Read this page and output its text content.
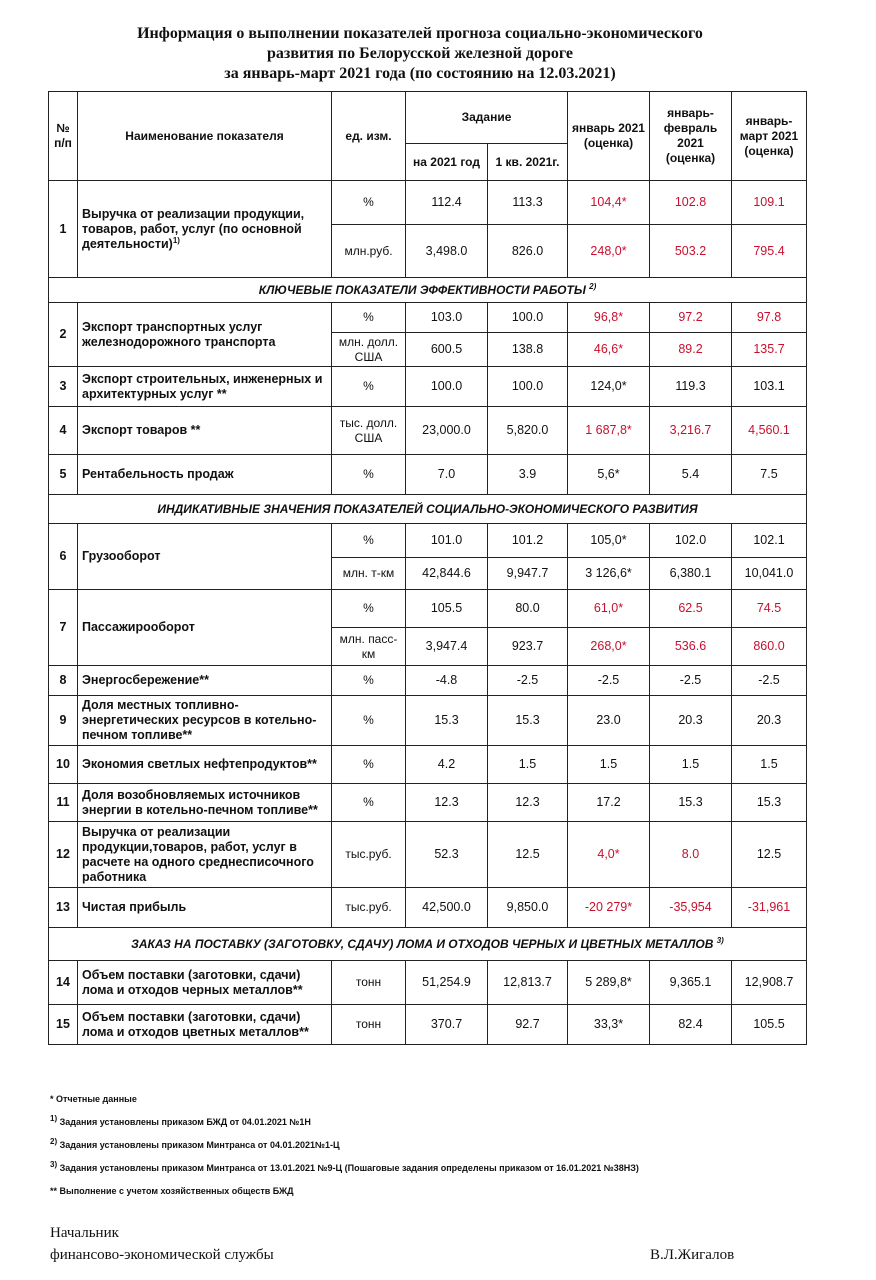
Информация о выполнении показателей прогноза социально-экономического
развития по Белорусской железной дороге
за январь-март 2021 года (по состоянию на 12.03.2021)
№ п/п	Наименование показателя	ед. изм.	Задание		январь 2021 (оценка)	январь- февраль 2021 (оценка)	январь- март 2021 (оценка)
			на 2021 год	1 кв. 2021г.			
1	Выручка от реализации продукции, товаров, работ, услуг (по основной деятельности)$^{1)}$	%	112.4	113.3	104,4*	102.8	109.1
		млн.руб.	3,498.0	826.0	248,0*	503.2	795.4
КЛЮЧЕВЫЕ ПОКАЗАТЕЛИ ЭФФЕКТИВНОСТИ РАБОТЫ $^{2)}$
2	Экспорт транспортных услуг железнодорожного транспорта	%	103.0	100.0	96,8*	97.2	97.8
		млн. долл. США	600.5	138.8	46,6*	89.2	135.7
3	Экспорт строительных, инженерных и архитектурных услуг **	%	100.0	100.0	124,0*	119.3	103.1
4	Экспорт товаров **	тыс. долл. США	23,000.0	5,820.0	1 687,8*	3,216.7	4,560.1
5	Рентабельность продаж	%	7.0	3.9	5,6*	5.4	7.5
ИНДИКАТИВНЫЕ ЗНАЧЕНИЯ ПОКАЗАТЕЛЕЙ СОЦИАЛЬНО-ЭКОНОМИЧЕСКОГО РАЗВИТИЯ							
6	Грузооборот	%	101.0	101.2	105,0*	102.0	102.1
		млн. т-км	42,844.6	9,947.7	3 126,6*	6,380.1	10,041.0
7	Пассажирооборот	%	105.5	80.0	61,0*	62.5	74.5
		млн. пасс-км	3,947.4	923.7	268,0*	536.6	860.0
8	Энергосбережение**	%	-4.8	-2.5	-2.5	-2.5	-2.5
9	Доля местных топливно-энергетических ресурсов в котельно-печном топливе**	%	15.3	15.3	23.0	20.3	20.3
10	Экономия светлых нефтепродуктов**	%	4.2	1.5	1.5	1.5	1.5
11	Доля возобновляемых источников энергии в котельно-печном топливе**	%	12.3	12.3	17.2	15.3	15.3
12	Выручка от реализации продукции,товаров, работ, услуг в расчете на одного среднесписочного работника	тыс.руб.	52.3	12.5	4,0*	8.0	12.5
13	Чистая прибыль	тыс.руб.	42,500.0	9,850.0	-20 279*	-35,954	-31,961
ЗАКАЗ НА ПОСТАВКУ (ЗАГОТОВКУ, СДАЧУ) ЛОМА И ОТХОДОВ ЧЕРНЫХ И ЦВЕТНЫХ МЕТАЛЛОВ $^{3)}$
14	Объем поставки (заготовки, сдачи) лома и отходов черных металлов**	тонн	51,254.9	12,813.7	5 289,8*	9,365.1	12,908.7
15	Объем поставки (заготовки, сдачи) лома и отходов цветных металлов**	тонн	370.7	92.7	33,3*	82.4	105.5
* Отчетные данные
$^{1)}$ Задания установлены приказом БЖД от 04.01.2021 №1Н
$^{2)}$ Задания установлены приказом Минтранса от 04.01.2021№1-Ц
$^{3)}$ Задания установлены приказом Минтранса от 13.01.2021 №9-Ц (Пошаговые задания определены приказом от 16.01.2021 №38НЗ)
** Выполнение с учетом хозяйственных обществ БЖД
Начальник
финансово-экономической службы	В.Л.Жигалов
